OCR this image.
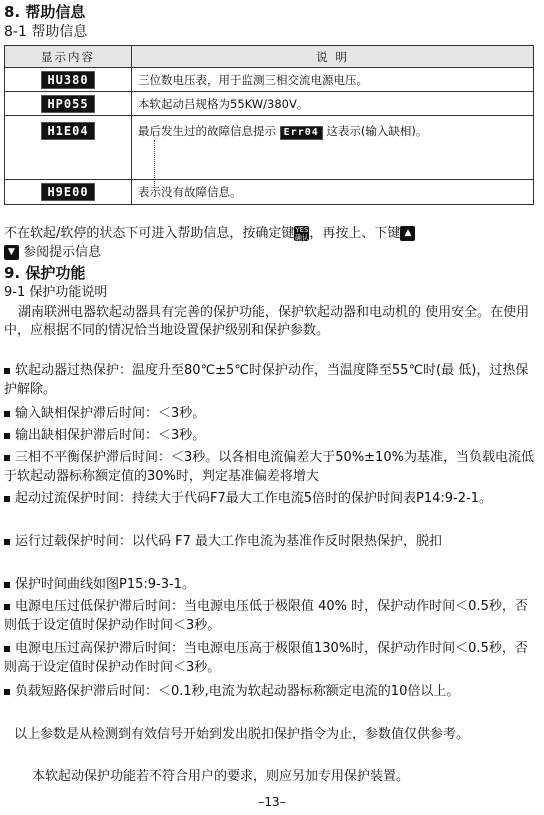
8. 帮助信息
8-1 帮助信息
显示内容	说 明
HU380	三位数电压表，用于监测三相交流电源电压。
HP055	本软起动吕规格为55KW/380V。
H1E04	最后发生过的故障信息提示 Err04 这表示(输入缺相)。
H9E00	表示没有故障信息。
不在软起/软停的状态下可进入帮助信息，按确定键YES 确认，再按上、下键 ▲
▼ 参阅提示信息
9. 保护功能
9-1 保护功能说明
湖南联洲电器软起动器具有完善的保护功能，保护软起动器和电动机的 使用安全。在使用中，应根据不同的情况恰当地设置保护级别和保护参数。
软起动器过热保护：温度升至80℃±5℃时保护动作，当温度降至55℃时(最 低)，过热保护解除。
输入缺相保护滞后时间：＜3秒。
输出缺相保护滞后时间：＜3秒。
三相不平衡保护滞后时间：＜3秒。以各相电流偏差大于50%±10%为基准，当负载电流低于软起动器标称额定值的30%时，判定基准偏差将增大
起动过流保护时间：持续大于代码F7最大工作电流5倍时的保护时间表P14:9-2-1。
运行过载保护时间：以代码 F7 最大工作电流为基准作反时限热保护，脱扣
保护时间曲线如图P15:9-3-1。
电源电压过低保护滞后时间：当电源电压低于极限值 40% 时，保护动作时间＜0.5秒，否则低于设定值时保护动作时间＜3秒。
电源电压过高保护滞后时间：当电源电压高于极限值130%时，保护动作时间＜0.5秒，否则高于设定值时保护动作时间＜3秒。
负载短路保护滞后时间：＜0.1秒,电流为软起动器标称额定电流的10倍以上。
以上参数是从检测到有效信号开始到发出脱扣保护指令为止，参数值仅供参考。
本软起动保护功能若不符合用户的要求，则应另加专用保护装置。
–13–
